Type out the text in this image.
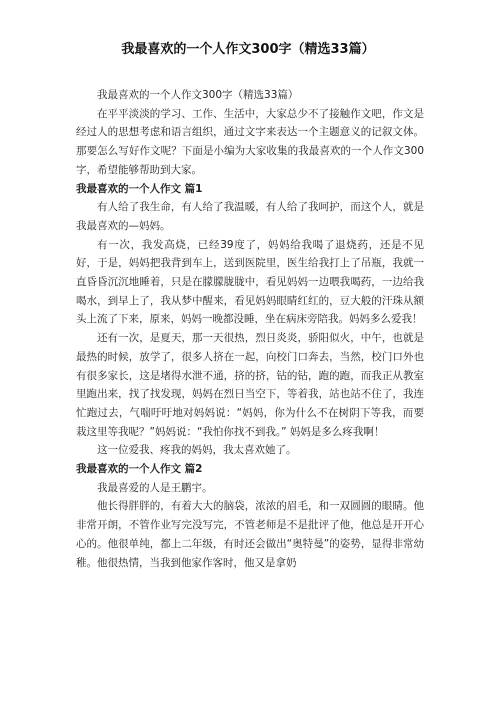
我最喜欢的一个人作文300字（精选33篇）

我最喜欢的一个人作文300字（精选33篇）

在平平淡淡的学习、工作、生活中，大家总少不了接触作文吧，作文是经过人的思想考虑和语言组织，通过文字来表达一个主题意义的记叙文体。那要怎么写好作文呢？下面是小编为大家收集的我最喜欢的一个人作文300字，希望能够帮助到大家。

我最喜欢的一个人作文 篇1

有人给了我生命，有人给了我温暖，有人给了我呵护，而这个人，就是我最喜欢的—妈妈。

有一次，我发高烧，已经39度了，妈妈给我喝了退烧药，还是不见好，于是，妈妈把我背到车上，送到医院里，医生给我打上了吊瓶，我就一直昏昏沉沉地睡着，只是在朦朦胧胧中，看见妈妈一边喂我喝药，一边给我喝水，到早上了，我从梦中醒来，看见妈妈眼睛红红的，豆大般的汗珠从额头上流了下来，原来，妈妈一晚都没睡，坐在病床旁陪我。妈妈多么爱我！

还有一次，是夏天，那一天很热，烈日炎炎，骄阳似火，中午，也就是最热的时候，放学了，很多人挤在一起，向校门口奔去，当然，校门口外也有很多家长，这是堵得水泄不通，挤的挤，钻的钻，跑的跑，而我正从教室里跑出来，找了找发现，妈妈在烈日当空下，等着我，站也站不住了，我连忙跑过去，气喘吁吁地对妈妈说：“妈妈，你为什么不在树阴下等我，而要栽这里等我呢？”妈妈说：“我怕你找不到我。” 妈妈是多么疼我啊！

这一位爱我、疼我的妈妈，我太喜欢她了。

我最喜欢的一个人作文 篇2

我最喜爱的人是王鹏宇。

他长得胖胖的，有着大大的脑袋，浓浓的眉毛，和一双圆圆的眼睛。他非常开朗，不管作业写完没写完，不管老师是不是批评了他，他总是开开心心的。他很单纯，都上二年级，有时还会做出“奥特曼”的姿势，显得非常幼稚。他很热情，当我到他家作客时，他又是拿奶
